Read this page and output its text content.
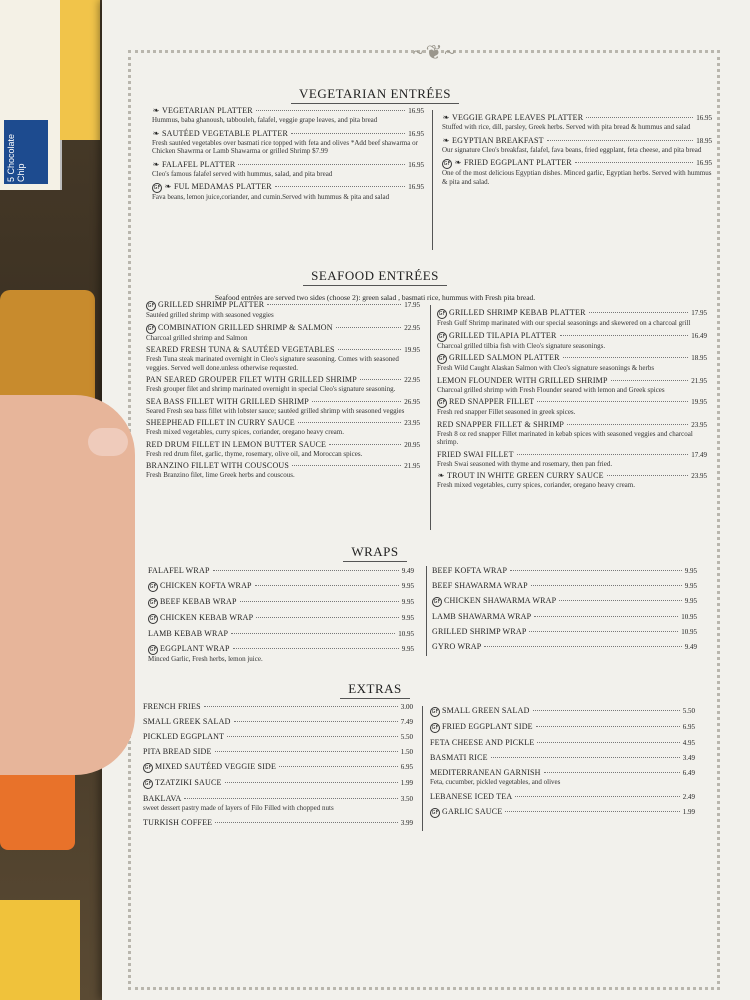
5 Chocolate Chip
~❦~
VEGETARIAN ENTRÉES
❧ VEGETARIAN PLATTER	16.95
Hummus, baba ghanoush, tabbouleh, falafel, veggie grape leaves, and pita bread
❧ SAUTÉED VEGETABLE PLATTER	16.95
Fresh sautéed vegetables over basmati rice topped with feta and olives *Add beef shawarma or Chicken Shawrma or Lamb Shawarma or grilled Shrimp $7.99
❧ FALAFEL PLATTER	16.95
Cleo's famous falafel served with hummus, salad, and pita bread
GF ❧ FUL MEDAMAS PLATTER	16.95
Fava beans, lemon juice,coriander, and cumin.Served with hummus & pita and salad
❧ VEGGIE GRAPE LEAVES PLATTER	16.95
Stuffed with rice, dill, parsley, Greek herbs. Served with pita bread & hummus and salad
❧ EGYPTIAN BREAKFAST	18.95
Our signature Cleo's breakfast, falafel, fava beans, fried eggplant, feta cheese, and pita bread
GF ❧ FRIED EGGPLANT PLATTER	16.95
One of the most delicious Egyptian dishes. Minced garlic, Egyptian herbs. Served with hummus & pita and salad.
SEAFOOD ENTRÉES
Seafood entrées are served two sides (choose 2): green salad , basmati rice, hummus with Fresh pita bread.
GF GRILLED SHRIMP PLATTER	17.95
Sautéed grilled shrimp with seasoned veggies
GF COMBINATION GRILLED SHRIMP & SALMON	22.95
Charcoal grilled shrimp and Salmon
SEARED FRESH TUNA & SAUTÉED VEGETABLES	19.95
Fresh Tuna steak marinated overnight in Cleo's signature seasoning. Comes with seasoned veggies. Served well done.unless otherwise requested.
PAN SEARED GROUPER FILET WITH GRILLED SHRIMP	22.95
Fresh grouper filet and shrimp marinated overnight in special Cleo's signature seasoning.
SEA BASS FILLET WITH GRILLED SHRIMP	26.95
Seared Fresh sea bass fillet with lobster sauce; sautéed grilled shrimp with seasoned veggies
SHEEPHEAD FILLET IN CURRY SAUCE	23.95
Fresh mixed vegetables, curry spices, coriander, oregano heavy cream.
RED DRUM FILLET IN LEMON BUTTER SAUCE	20.95
Fresh red drum filet, garlic, thyme, rosemary, olive oil, and Moroccan spices.
BRANZINO FILLET WITH COUSCOUS	21.95
Fresh Branzino filet, lime Greek herbs and couscous.
GF GRILLED SHRIMP KEBAB PLATTER	17.95
Fresh Gulf Shrimp marinated with our special seasonings and skewered on a charcoal grill
GF GRILLED TILAPIA PLATTER	16.49
Charcoal grilled tilbia fish with Cleo's signature seasonings.
GF GRILLED SALMON PLATTER	18.95
Fresh Wild Caught Alaskan Salmon with Cleo's signature seasonings & herbs
LEMON FLOUNDER WITH GRILLED SHRIMP	21.95
Charcoal grilled shrimp with Fresh Flounder seared with lemon and Greek spices
GF RED SNAPPER FILLET	19.95
Fresh red snapper Fillet seasoned in greek spices.
RED SNAPPER FILLET & SHRIMP	23.95
Fresh 8 oz red snapper Fillet marinated in kebab spices with seasoned veggies and charcoal shrimp.
FRIED SWAI FILLET	17.49
Fresh Swai seasoned with thyme and rosemary, then pan fried.
❧ TROUT IN WHITE GREEN CURRY SAUCE	23.95
Fresh mixed vegetables, curry spices, coriander, oregano heavy cream.
WRAPS
FALAFEL WRAP	9.49
GF CHICKEN KOFTA WRAP	9.95
GF BEEF KEBAB WRAP	9.95
GF CHICKEN KEBAB WRAP	9.95
LAMB KEBAB WRAP	10.95
GF EGGPLANT WRAP	9.95
Minced Garlic, Fresh herbs, lemon juice.
BEEF KOFTA WRAP	9.95
BEEF SHAWARMA WRAP	9.95
GF CHICKEN SHAWARMA WRAP	9.95
LAMB SHAWARMA WRAP	10.95
GRILLED SHRIMP WRAP	10.95
GYRO WRAP	9.49
EXTRAS
FRENCH FRIES	3.00
SMALL GREEK SALAD	7.49
PICKLED EGGPLANT	5.50
PITA BREAD SIDE	1.50
GF MIXED SAUTÉED VEGGIE SIDE	6.95
GF TZATZIKI SAUCE	1.99
BAKLAVA	3.50
sweet dessert pastry made of layers of Filo Filled with chopped nuts
TURKISH COFFEE	3.99
GF SMALL GREEN SALAD	5.50
GF FRIED EGGPLANT SIDE	6.95
FETA CHEESE AND PICKLE	4.95
BASMATI RICE	3.49
MEDITERRANEAN GARNISH	6.49
Feta, cucumber, pickled vegetables, and olives
LEBANESE ICED TEA	2.49
GF GARLIC SAUCE	1.99
